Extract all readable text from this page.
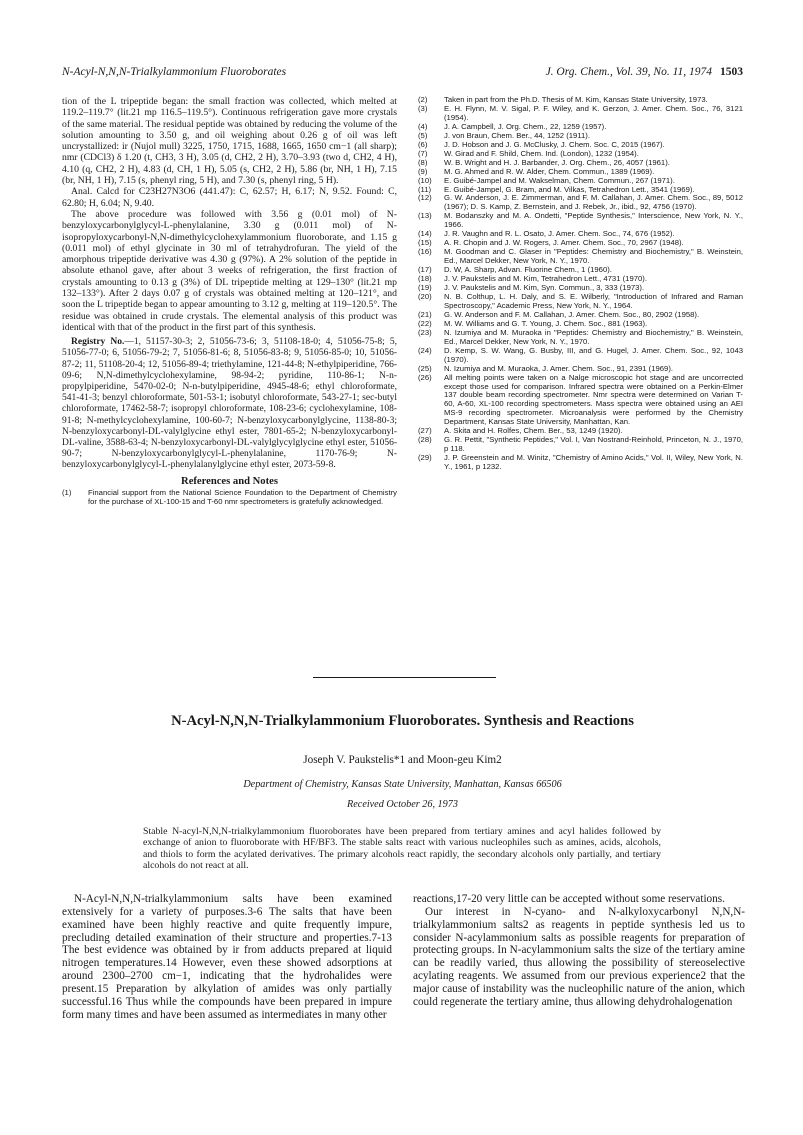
N-Acyl-N,N,N-Trialkylammonium Fluoroborates	J. Org. Chem., Vol. 39, No. 11, 1974 1503

tion of the L tripeptide began: the small fraction was collected, which melted at 119.2–119.7° (lit.21 mp 116.5–119.5°). Continuous refrigeration gave more crystals of the same material. The residual peptide was obtained by reducing the volume of the solution amounting to 3.50 g, and oil weighing about 0.26 g of oil was left uncrystallized: ir (Nujol mull) 3225, 1750, 1715, 1688, 1665, 1650 cm−1 (all sharp); nmr (CDCl3) δ 1.20 (t, CH3, 3 H), 3.05 (d, CH2, 2 H), 3.70–3.93 (two d, CH2, 4 H), 4.10 (q, CH2, 2 H), 4.83 (d, CH, 1 H), 5.05 (s, CH2, 2 H), 5.86 (br, NH, 1 H), 7.15 (br, NH, 1 H), 7.15 (s, phenyl ring, 5 H), and 7.30 (s, phenyl ring, 5 H).

Anal. Calcd for C23H27N3O6 (441.47): C, 62.57; H, 6.17; N, 9.52. Found: C, 62.80; H, 6.04; N, 9.40.

The above procedure was followed with 3.56 g (0.01 mol) of N-benzyloxycarbonylglycyl-L-phenylalanine, 3.30 g (0.011 mol) of N-isopropyloxycarbonyl-N,N-dimethylcyclohexylammonium fluoroborate, and 1.15 g (0.011 mol) of ethyl glycinate in 30 ml of tetrahydrofuran. The yield of the amorphous tripeptide derivative was 4.30 g (97%). A 2% solution of the peptide in absolute ethanol gave, after about 3 weeks of refrigeration, the first fraction of crystals amounting to 0.13 g (3%) of DL tripeptide melting at 129–130° (lit.21 mp 132–133°). After 2 days 0.07 g of crystals was obtained melting at 120–121°, and soon the L tripeptide began to appear amounting to 3.12 g, melting at 119–120.5°. The residue was obtained in crude crystals. The elemental analysis of this product was identical with that of the product in the first part of this synthesis.

Registry No.—1, 51157-30-3; 2, 51056-73-6; 3, 51108-18-0; 4, 51056-75-8; 5, 51056-77-0; 6, 51056-79-2; 7, 51056-81-6; 8, 51056-83-8; 9, 51056-85-0; 10, 51056-87-2; 11, 51108-20-4; 12, 51056-89-4; triethylamine, 121-44-8; N-ethylpiperidine, 766-09-6; N,N-dimethylcyclohexylamine, 98-94-2; pyridine, 110-86-1; N-n-propylpiperidine, 5470-02-0; N-n-butylpiperidine, 4945-48-6; ethyl chloroformate, 541-41-3; benzyl chloroformate, 501-53-1; isobutyl chloroformate, 543-27-1; sec-butyl chloroformate, 17462-58-7; isopropyl chloroformate, 108-23-6; cyclohexylamine, 108-91-8; N-methylcyclohexylamine, 100-60-7; N-benzyloxycarbonylglycine, 1138-80-3; N-benzyloxycarbonyl-DL-valylglycine ethyl ester, 7801-65-2; N-benzyloxycarbonyl-DL-valine, 3588-63-4; N-benzyloxycarbonyl-DL-valylglycylglycine ethyl ester, 51056-90-7; N-benzyloxycarbonylglycyl-L-phenylalanine, 1170-76-9; N-benzyloxycarbonylglycyl-L-phenylalanylglycine ethyl ester, 2073-59-8.

References and Notes
(1)	Financial support from the National Science Foundation to the Department of Chemistry for the purchase of XL-100-15 and T-60 nmr spectrometers is gratefully acknowledged.
(2)	Taken in part from the Ph.D. Thesis of M. Kim, Kansas State University, 1973.
(3)	E. H. Flynn, M. V. Sigal, P. F. Wiley, and K. Gerzon, J. Amer. Chem. Soc., 76, 3121 (1954).
(4)	J. A. Campbell, J. Org. Chem., 22, 1259 (1957).
(5)	J. von Braun, Chem. Ber., 44, 1252 (1911).
(6)	J. D. Hobson and J. G. McClusky, J. Chem. Soc. C, 2015 (1967).
(7)	W. Girad and F. Shild, Chem. Ind. (London), 1232 (1954).
(8)	W. B. Wright and H. J. Barbander, J. Org. Chem., 26, 4057 (1961).
(9)	M. G. Ahmed and R. W. Alder, Chem. Commun., 1389 (1969).
(10)	E. Guibé-Jampel and M. Wakselman, Chem. Commun., 267 (1971).
(11)	E. Guibé-Jampel, G. Bram, and M. Vilkas, Tetrahedron Lett., 3541 (1969).
(12)	G. W. Anderson, J. E. Zimmerman, and F. M. Callahan, J. Amer. Chem. Soc., 89, 5012 (1967); D. S. Kamp, Z. Bernstein, and J. Rebek, Jr., ibid., 92, 4756 (1970).
(13)	M. Bodanszky and M. A. Ondetti, "Peptide Synthesis," Interscience, New York, N. Y., 1966.
(14)	J. R. Vaughn and R. L. Osato, J. Amer. Chem. Soc., 74, 676 (1952).
(15)	A. R. Chopin and J. W. Rogers, J. Amer. Chem. Soc., 70, 2967 (1948).
(16)	M. Goodman and C. Glaser in "Peptides: Chemistry and Biochemistry," B. Weinstein, Ed., Marcel Dekker, New York, N. Y., 1970.
(17)	D. W, A. Sharp, Advan. Fluorine Chem., 1 (1960).
(18)	J. V. Paukstelis and M. Kim, Tetrahedron Lett., 4731 (1970).
(19)	J. V. Paukstelis and M. Kim, Syn. Commun., 3, 333 (1973).
(20)	N. B. Colthup, L. H. Daly, and S. E. Wilberly, "Introduction of Infrared and Raman Spectroscopy," Academic Press, New York, N. Y., 1964.
(21)	G. W. Anderson and F. M. Callahan, J. Amer. Chem. Soc., 80, 2902 (1958).
(22)	M. W. Williams and G. T. Young, J. Chem. Soc., 881 (1963).
(23)	N. Izumiya and M. Muraoka in "Peptides: Chemistry and Biochemistry," B. Weinstein, Ed., Marcel Dekker, New York, N. Y., 1970.
(24)	D. Kemp, S. W. Wang, G. Busby, III, and G. Hugel, J. Amer. Chem. Soc., 92, 1043 (1970).
(25)	N. Izumiya and M. Muraoka, J. Amer. Chem. Soc., 91, 2391 (1969).
(26)	All melting points were taken on a Nalge microscopic hot stage and are uncorrected except those used for comparison. Infrared spectra were obtained on a Perkin-Elmer 137 double beam recording spectrometer. Nmr spectra were determined on Varian T-60, A-60, XL-100 recording spectrometers. Mass spectra were obtained using an AEI MS-9 recording spectrometer. Microanalysis were performed by the Chemistry Department, Kansas State University, Manhattan, Kan.
(27)	A. Skita and H. Rolfes, Chem. Ber., 53, 1249 (1920).
(28)	G. R. Pettit, "Synthetic Peptides," Vol. I, Van Nostrand-Reinhold, Princeton, N. J., 1970, p 118.
(29)	J. P. Greenstein and M. Winitz, "Chemistry of Amino Acids," Vol. II, Wiley, New York, N. Y., 1961, p 1232.
N-Acyl-N,N,N-Trialkylammonium Fluoroborates. Synthesis and Reactions
Joseph V. Paukstelis*1 and Moon-geu Kim2
Department of Chemistry, Kansas State University, Manhattan, Kansas 66506
Received October 26, 1973

Stable N-acyl-N,N,N-trialkylammonium fluoroborates have been prepared from tertiary amines and acyl halides followed by exchange of anion to fluoroborate with HF/BF3. The stable salts react with various nucleophiles such as amines, acids, alcohols, and thiols to form the acylated derivatives. The primary alcohols react rapidly, the secondary alcohols only partially, and tertiary alcohols do not react at all.

N-Acyl-N,N,N-trialkylammonium salts have been examined extensively for a variety of purposes.3-6 The salts that have been examined have been highly reactive and quite frequently impure, precluding detailed examination of their structure and properties.7-13 The best evidence was obtained by ir from adducts prepared at liquid nitrogen temperatures.14 However, even these showed adsorptions at around 2300–2700 cm−1, indicating that the hydrohalides were present.15 Preparation by alkylation of amides was only partially successful.16 Thus while the compounds have been prepared in impure form many times and have been assumed as intermediates in many other

reactions,17-20 very little can be accepted without some reservations.

Our interest in N-cyano- and N-alkyloxycarbonyl N,N,N-trialkylammonium salts2 as reagents in peptide synthesis led us to consider N-acylammonium salts as possible reagents for preparation of protecting groups. In N-acylammonium salts the size of the tertiary amine can be readily varied, thus allowing the possibility of stereoselective acylating reagents. We assumed from our previous experience2 that the major cause of instability was the nucleophilic nature of the anion, which could regenerate the tertiary amine, thus allowing dehydrohalogenation
